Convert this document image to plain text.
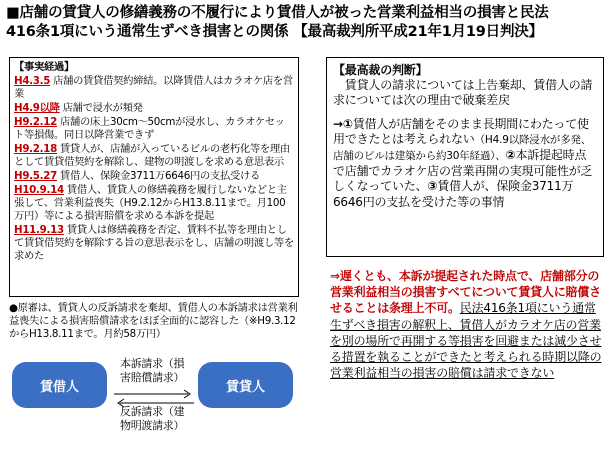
■店舗の賃貸人の修繕義務の不履行により賃借人が被った営業利益相当の損害と民法
416条1項にいう通常生ずべき損害との関係 【最高裁判所平成21年1月19日判決】
【事実経過】
H4.3.5 店舗の賃貸借契約締結。以降賃借人はカラオケ店を営業
H4.9以降 店舗で浸水が頻発
H9.2.12 店舗の床上30cm～50cmが浸水し、カラオケセット等損傷。同日以降営業できず
H9.2.18 賃貸人が、店舗が入っているビルの老朽化等を理由として賃貸借契約を解除し、建物の明渡しを求める意思表示
H9.5.27 賃借人、保険金3711万6646円の支払受ける
H10.9.14 賃借人、賃貸人の修繕義務を履行しないなどと主張して、営業利益喪失（H9.2.12からH13.8.11まで。月100万円）等による損害賠償を求める本訴を提起
H11.9.13 賃貸人は修繕義務を否定、賃料不払等を理由として賃貸借契約を解除する旨の意思表示をし、店舗の明渡し等を求めた
●原審は、賃貸人の反訴請求を棄却、賃借人の本訴請求は営業利益喪失による損害賠償請求をほぼ全面的に認容した（※H9.3.12からH13.8.11まで。月約58万円）
賃借人	賃貸人
本訴請求（損
害賠償請求）
反訴請求（建
物明渡請求）
【最高裁の判断】
　賃貸人の請求については上告棄却、賃借人の請求については次の理由で破棄差戻
→①賃借人が店舗をそのまま長期間にわたって使用できたとは考えられない（H4.9以降浸水が多発、店舗のビルは建築から約30年経過）、②本訴提起時点で店舗でカラオケ店の営業再開の実現可能性が乏しくなっていた、③賃借人が、保険金3711万6646円の支払を受けた等の事情
⇒遅くとも、本訴が提起された時点で、店舗部分の営業利益相当の損害すべてについて賃貸人に賠償させることは条理上不可。民法416条1項にいう通常生ずべき損害の解釈上、賃借人がカラオケ店の営業を別の場所で再開する等損害を回避または減少させる措置を執ることができたと考えられる時期以降の営業利益相当の損害の賠償は請求できない
